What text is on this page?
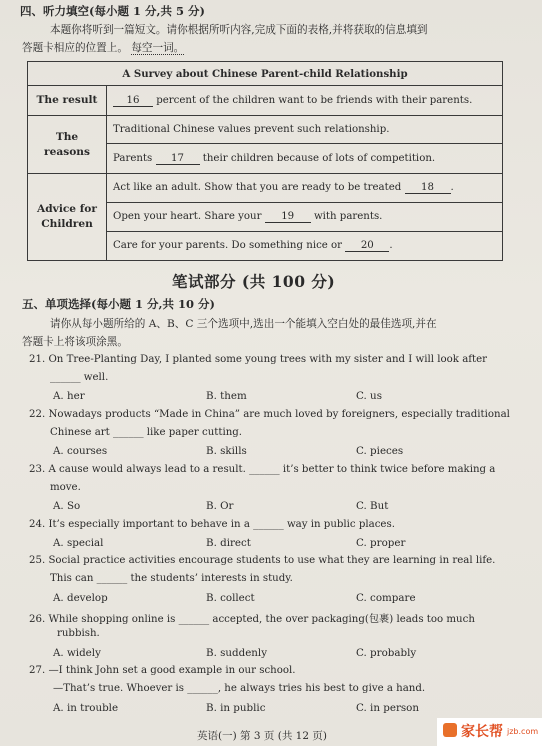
四、听力填空(每小题 1 分,共 5 分)
本题你将听到一篇短文。请你根据所听内容,完成下面的表格,并将获取的信息填到
答题卡相应的位置上。 每空一词。
A Survey about Chinese Parent-child Relationship	
The result	16 percent of the children want to be friends with their parents.
The reasons	Traditional Chinese values prevent such relationship.
	Parents 17 their children because of lots of competition.

Advice for
Children	Act like an adult. Show that you are ready to be treated 18 .
	Open your heart. Share your 19 with parents.
	Care for your parents. Do something nice or 20 .
笔试部分 (共 100 分)
五、单项选择(每小题 1 分,共 10 分)
请你从每小题所给的 A、B、C 三个选项中,选出一个能填入空白处的最佳选项,并在
答题卡上将该项涂黑。
21. On Tree-Planting Day, I planted some young trees with my sister and I will look after
______ well.
A. her	B. them	C. us
22. Nowadays products “Made in China” are much loved by foreigners, especially traditional
Chinese art ______ like paper cutting.
A. courses	B. skills	C. pieces
23. A cause would always lead to a result. ______ it’s better to think twice before making a
move.
A. So	B. Or	C. But
24. It’s especially important to behave in a ______ way in public places.
A. special	B. direct	C. proper
25. Social practice activities encourage students to use what they are learning in real life.
This can ______ the students’ interests in study.
A. develop	B. collect	C. compare
26. While shopping online is ______ accepted, the over packaging(包裹) leads too much
rubbish.
A. widely	B. suddenly	C. probably
27. —I think John set a good example in our school.
—That’s true. Whoever is ______, he always tries his best to give a hand.
A. in trouble	B. in public	C. in person
英语(一) 第 3 页 (共 12 页)	家长帮 jzb.com
